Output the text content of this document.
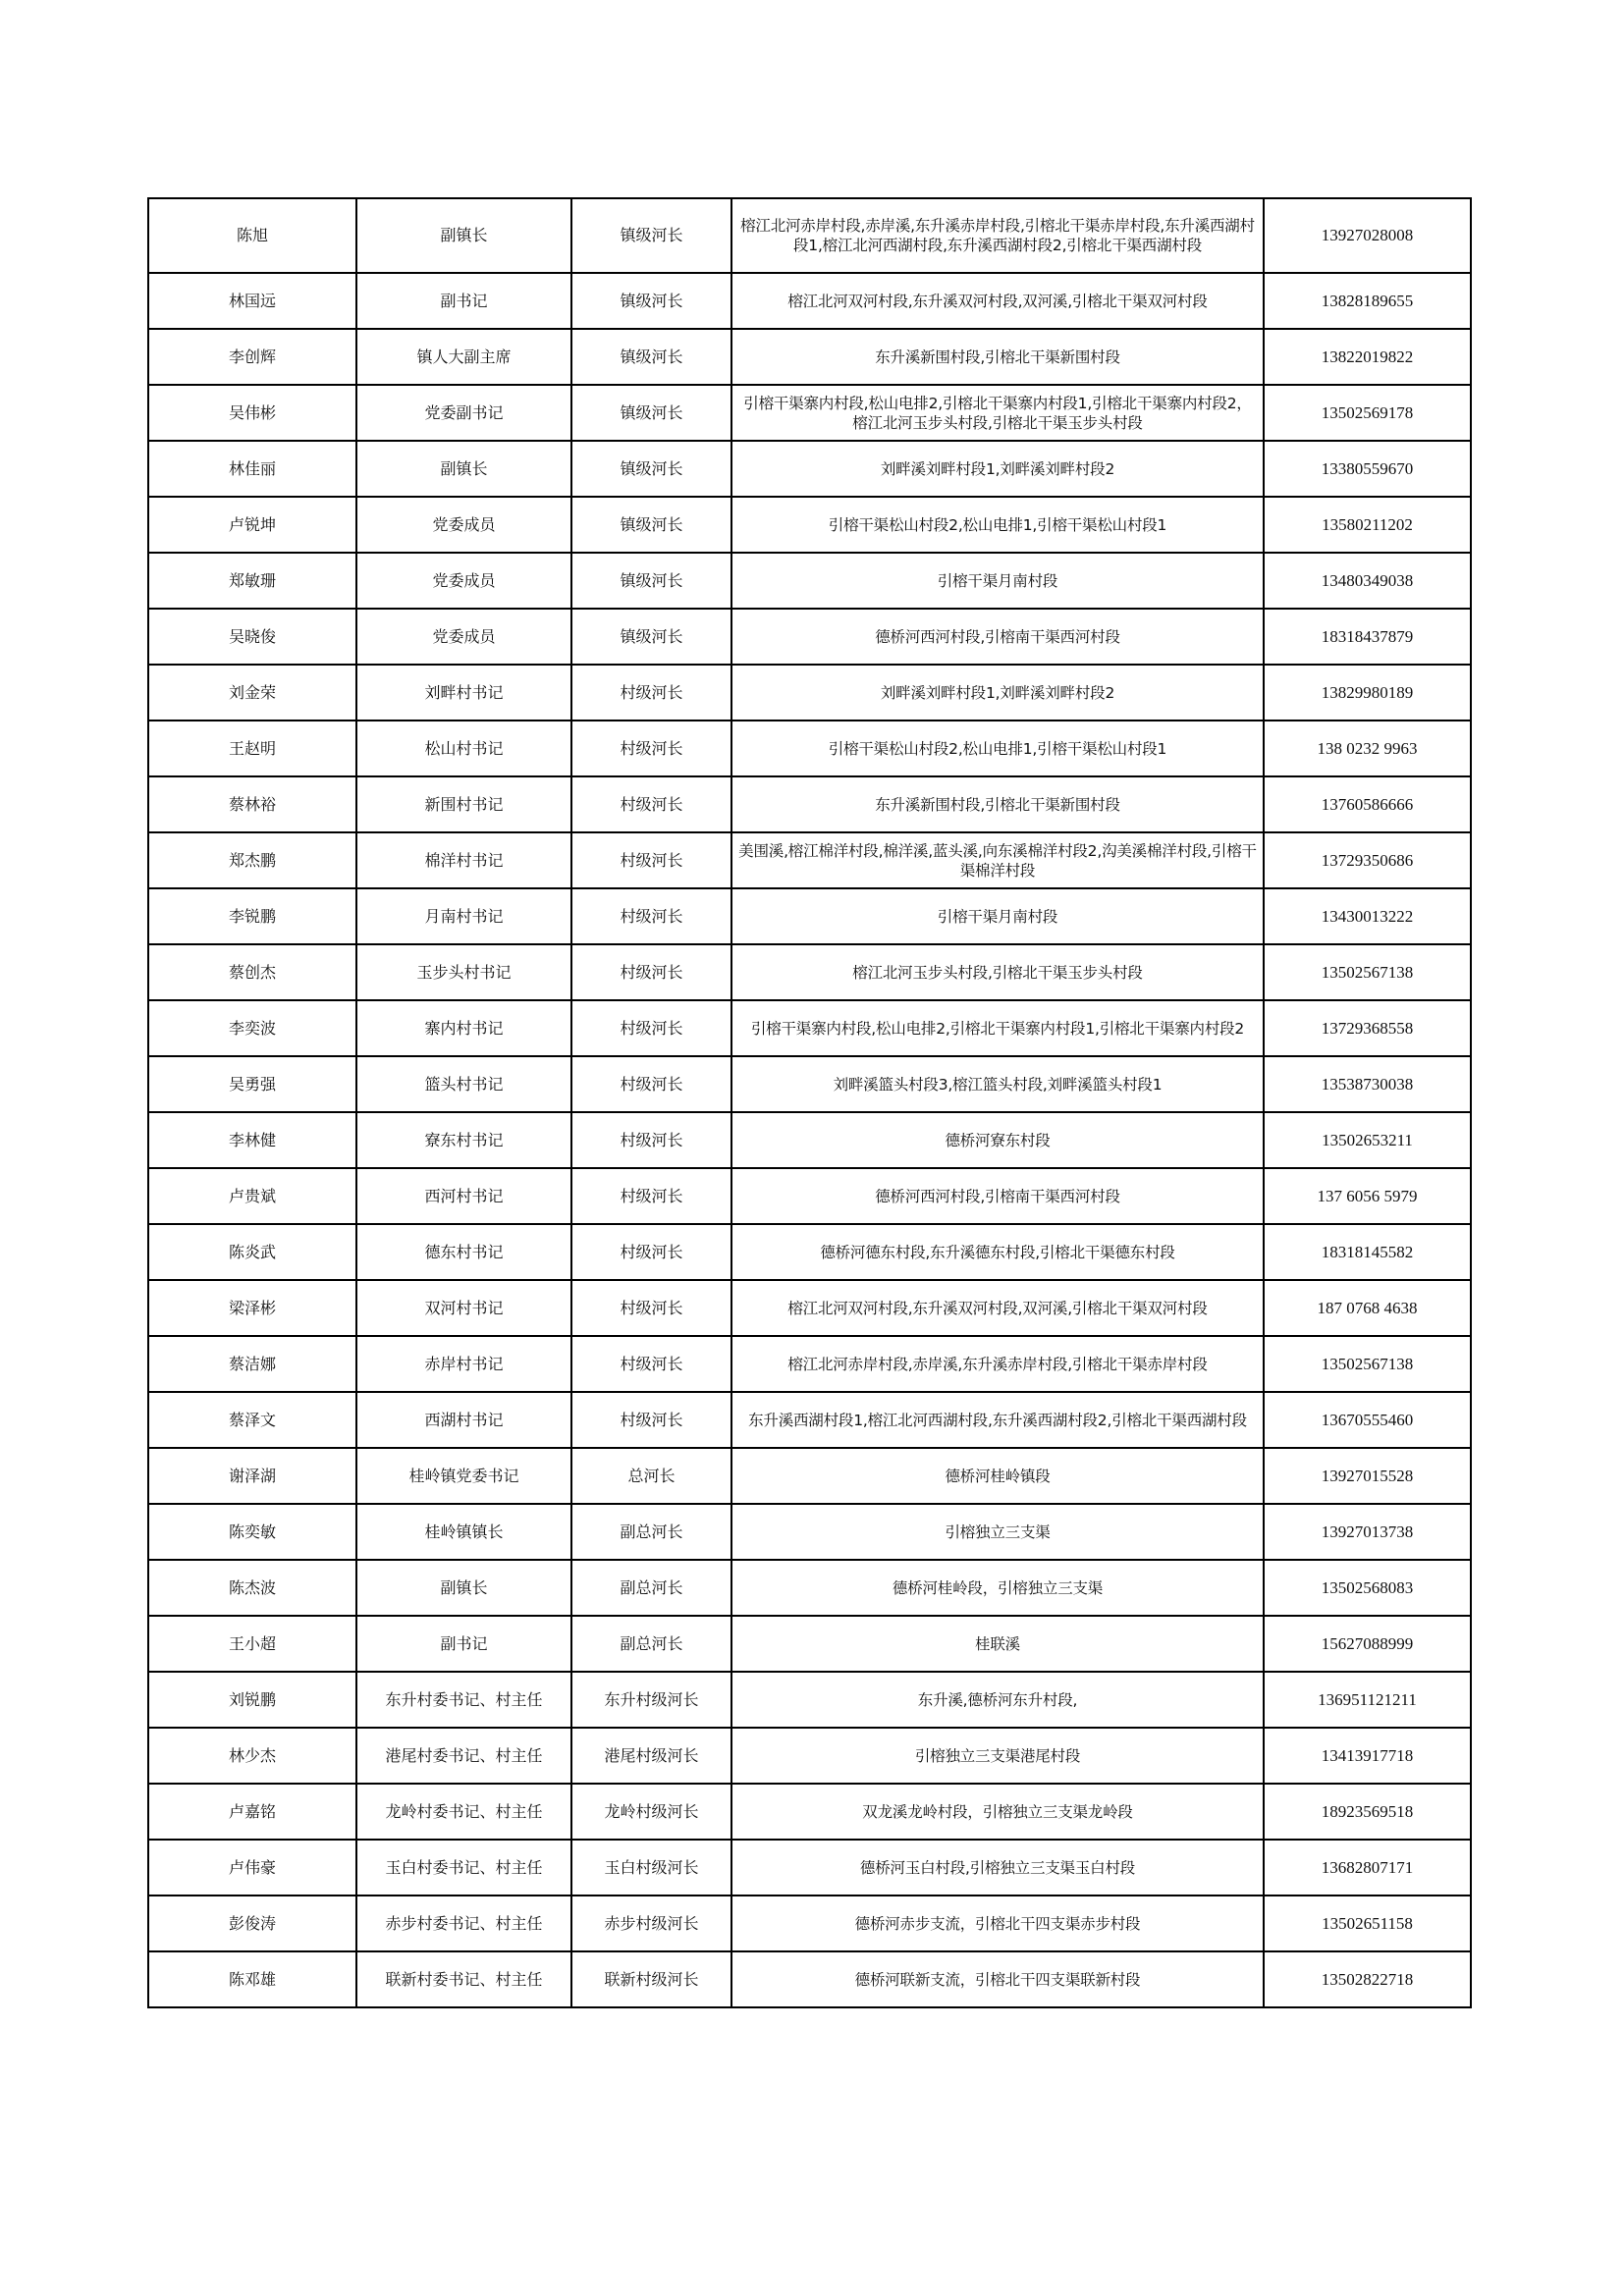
陈旭	副镇长	镇级河长	榕江北河赤岸村段,赤岸溪,东升溪赤岸村段,引榕北干渠赤岸村段,东升溪西湖村段1,榕江北河西湖村段,东升溪西湖村段2,引榕北干渠西湖村段	13927028008
林国远	副书记	镇级河长	榕江北河双河村段,东升溪双河村段,双河溪,引榕北干渠双河村段	13828189655
李创辉	镇人大副主席	镇级河长	东升溪新围村段,引榕北干渠新围村段	13822019822
吴伟彬	党委副书记	镇级河长	引榕干渠寨内村段,松山电排2,引榕北干渠寨内村段1,引榕北干渠寨内村段2，榕江北河玉步头村段,引榕北干渠玉步头村段	13502569178
林佳丽	副镇长	镇级河长	刘畔溪刘畔村段1,刘畔溪刘畔村段2	13380559670
卢锐坤	党委成员	镇级河长	引榕干渠松山村段2,松山电排1,引榕干渠松山村段1	13580211202
郑敏珊	党委成员	镇级河长	引榕干渠月南村段	13480349038
吴晓俊	党委成员	镇级河长	德桥河西河村段,引榕南干渠西河村段	18318437879
刘金荣	刘畔村书记	村级河长	刘畔溪刘畔村段1,刘畔溪刘畔村段2	13829980189
王赵明	松山村书记	村级河长	引榕干渠松山村段2,松山电排1,引榕干渠松山村段1	138 0232 9963
蔡林裕	新围村书记	村级河长	东升溪新围村段,引榕北干渠新围村段	13760586666
郑杰鹏	棉洋村书记	村级河长	美围溪,榕江棉洋村段,棉洋溪,蓝头溪,向东溪棉洋村段2,沟美溪棉洋村段,引榕干渠棉洋村段	13729350686
李锐鹏	月南村书记	村级河长	引榕干渠月南村段	13430013222
蔡创杰	玉步头村书记	村级河长	榕江北河玉步头村段,引榕北干渠玉步头村段	13502567138
李奕波	寨内村书记	村级河长	引榕干渠寨内村段,松山电排2,引榕北干渠寨内村段1,引榕北干渠寨内村段2	13729368558
吴勇强	篮头村书记	村级河长	刘畔溪篮头村段3,榕江篮头村段,刘畔溪篮头村段1	13538730038
李林健	寮东村书记	村级河长	德桥河寮东村段	13502653211
卢贵斌	西河村书记	村级河长	德桥河西河村段,引榕南干渠西河村段	137 6056 5979
陈炎武	德东村书记	村级河长	德桥河德东村段,东升溪德东村段,引榕北干渠德东村段	18318145582
梁泽彬	双河村书记	村级河长	榕江北河双河村段,东升溪双河村段,双河溪,引榕北干渠双河村段	187 0768 4638
蔡洁娜	赤岸村书记	村级河长	榕江北河赤岸村段,赤岸溪,东升溪赤岸村段,引榕北干渠赤岸村段	13502567138
蔡泽文	西湖村书记	村级河长	东升溪西湖村段1,榕江北河西湖村段,东升溪西湖村段2,引榕北干渠西湖村段	13670555460
谢泽湖	桂岭镇党委书记	总河长	德桥河桂岭镇段	13927015528
陈奕敏	桂岭镇镇长	副总河长	引榕独立三支渠	13927013738
陈杰波	副镇长	副总河长	德桥河桂岭段，引榕独立三支渠	13502568083
王小超	副书记	副总河长	桂联溪	15627088999
刘锐鹏	东升村委书记、村主任	东升村级河长	东升溪,德桥河东升村段,	136951121211
林少杰	港尾村委书记、村主任	港尾村级河长	引榕独立三支渠港尾村段	13413917718
卢嘉铭	龙岭村委书记、村主任	龙岭村级河长	双龙溪龙岭村段，引榕独立三支渠龙岭段	18923569518
卢伟豪	玉白村委书记、村主任	玉白村级河长	德桥河玉白村段,引榕独立三支渠玉白村段	13682807171
彭俊涛	赤步村委书记、村主任	赤步村级河长	德桥河赤步支流，引榕北干四支渠赤步村段	13502651158
陈邓雄	联新村委书记、村主任	联新村级河长	德桥河联新支流，引榕北干四支渠联新村段	13502822718
